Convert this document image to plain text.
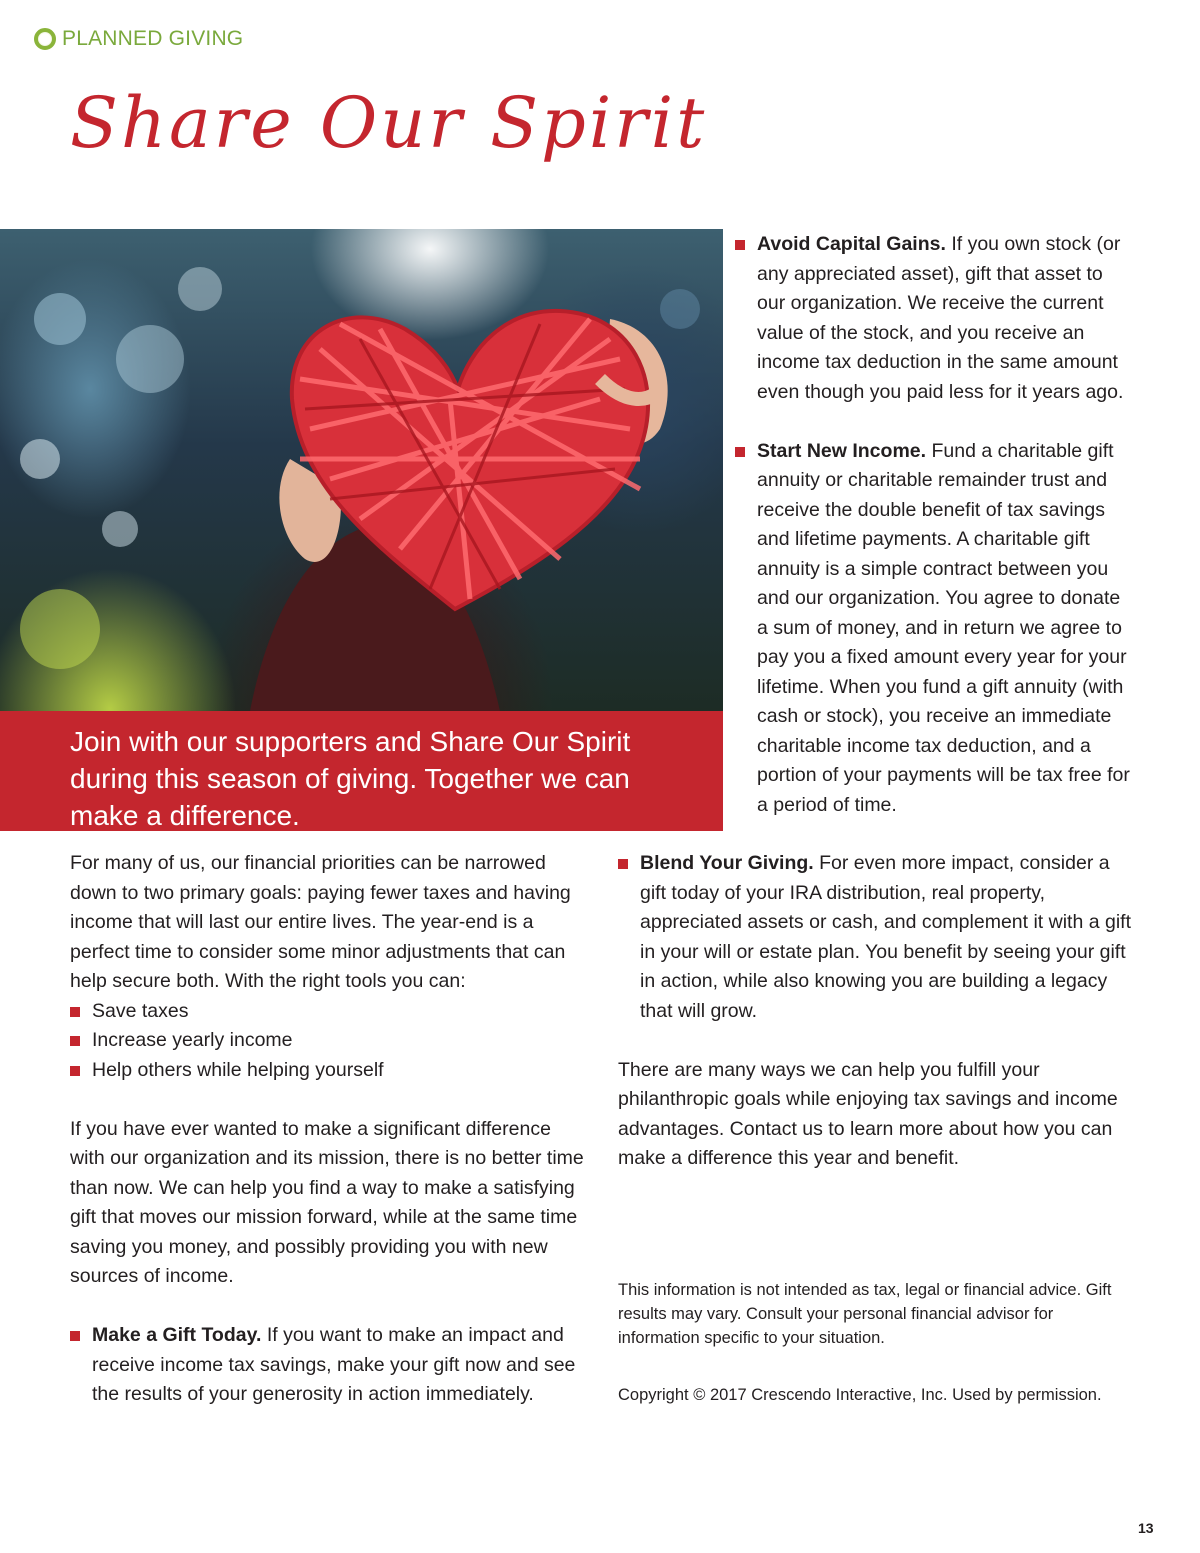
PLANNED GIVING
Share Our Spirit
Join with our supporters and Share Our Spirit during this season of giving. Together we can make a difference.

For many of us, our financial priorities can be narrowed down to two primary goals: paying fewer taxes and having income that will last our entire lives. The year-end is a perfect time to consider some minor adjustments that can help secure both. With the right tools you can:

Save taxes
Increase yearly income
Help others while helping yourself

If you have ever wanted to make a significant difference with our organization and its mission, there is no better time than now. We can help you find a way to make a satisfying gift that moves our mission forward, while at the same time saving you money, and possibly providing you with new sources of income.

Make a Gift Today. If you want to make an impact and receive income tax savings, make your gift now and see the results of your generosity in action immediately.
Avoid Capital Gains. If you own stock (or any appreciated asset), gift that asset to our organization. We receive the current value of the stock, and you receive an income tax deduction in the same amount even though you paid less for it years ago.
Start New Income. Fund a charitable gift annuity or charitable remainder trust and receive the double benefit of tax savings and lifetime payments. A charitable gift annuity is a simple contract between you and our organization. You agree to donate a sum of money, and in return we agree to pay you a fixed amount every year for your lifetime. When you fund a gift annuity (with cash or stock), you receive an immediate charitable income tax deduction, and a portion of your payments will be tax free for a period of time.
Blend Your Giving. For even more impact, consider a gift today of your IRA distribution, real property, appreciated assets or cash, and complement it with a gift in your will or estate plan. You benefit by seeing your gift in action, while also knowing you are building a legacy that will grow.

There are many ways we can help you fulfill your philanthropic goals while enjoying tax savings and income advantages. Contact us to learn more about how you can make a difference this year and benefit.

This information is not intended as tax, legal or financial advice. Gift results may vary. Consult your personal financial advisor for information specific to your situation.
Copyright © 2017 Crescendo Interactive, Inc. Used by permission.
13
